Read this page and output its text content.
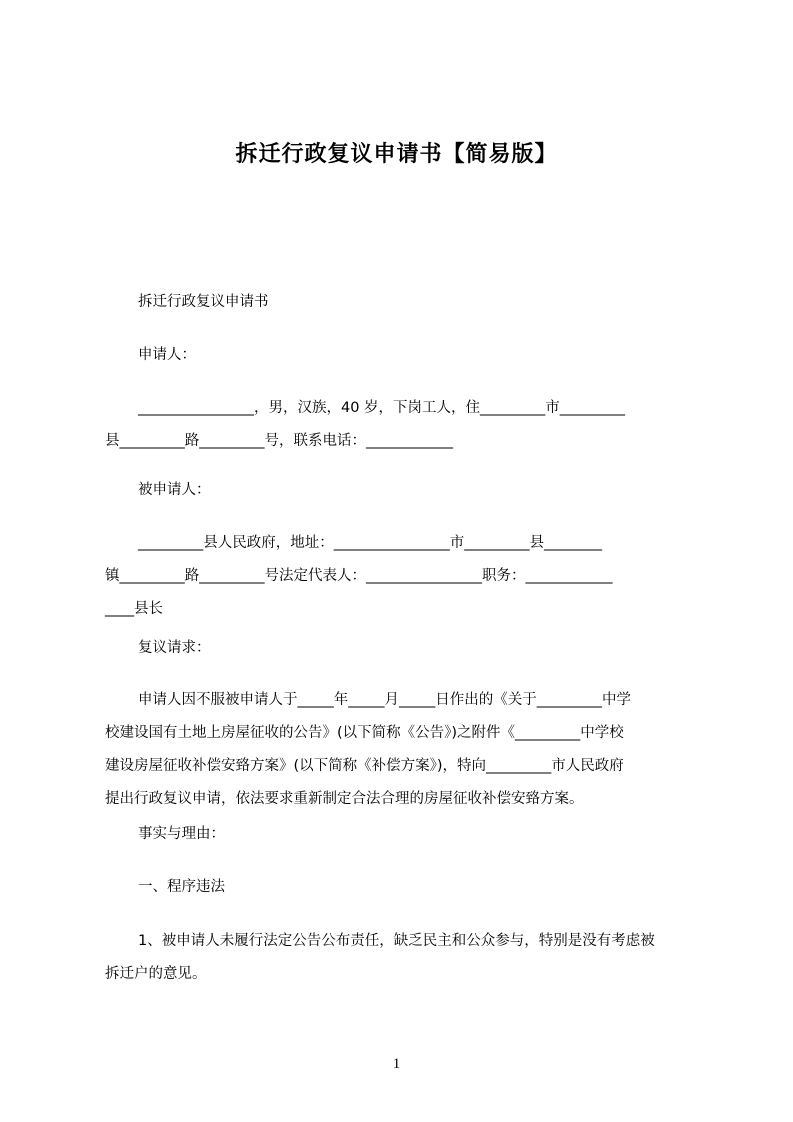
拆迁行政复议申请书【简易版】

拆迁行政复议申请书

申请人：

________________，男，汉族，40 岁，下岗工人，住_________市_________
县_________路_________号，联系电话：____________

被申请人：

_________县人民政府，地址：________________市_________县________
镇_________路_________号法定代表人：________________职务：____________
____县长

复议请求：

申请人因不服被申请人于_____年_____月_____日作出的《关于_________中学
校建设国有土地上房屋征收的公告》(以下简称《公告》)之附件《_________中学校
建设房屋征收补偿安臵方案》(以下简称《补偿方案》)，特向_________市人民政府
提出行政复议申请，依法要求重新制定合法合理的房屋征收补偿安臵方案。

事实与理由：

一、程序违法

1、被申请人未履行法定公告公布责任，缺乏民主和公众参与，特别是没有考虑被
拆迁户的意见。

1
